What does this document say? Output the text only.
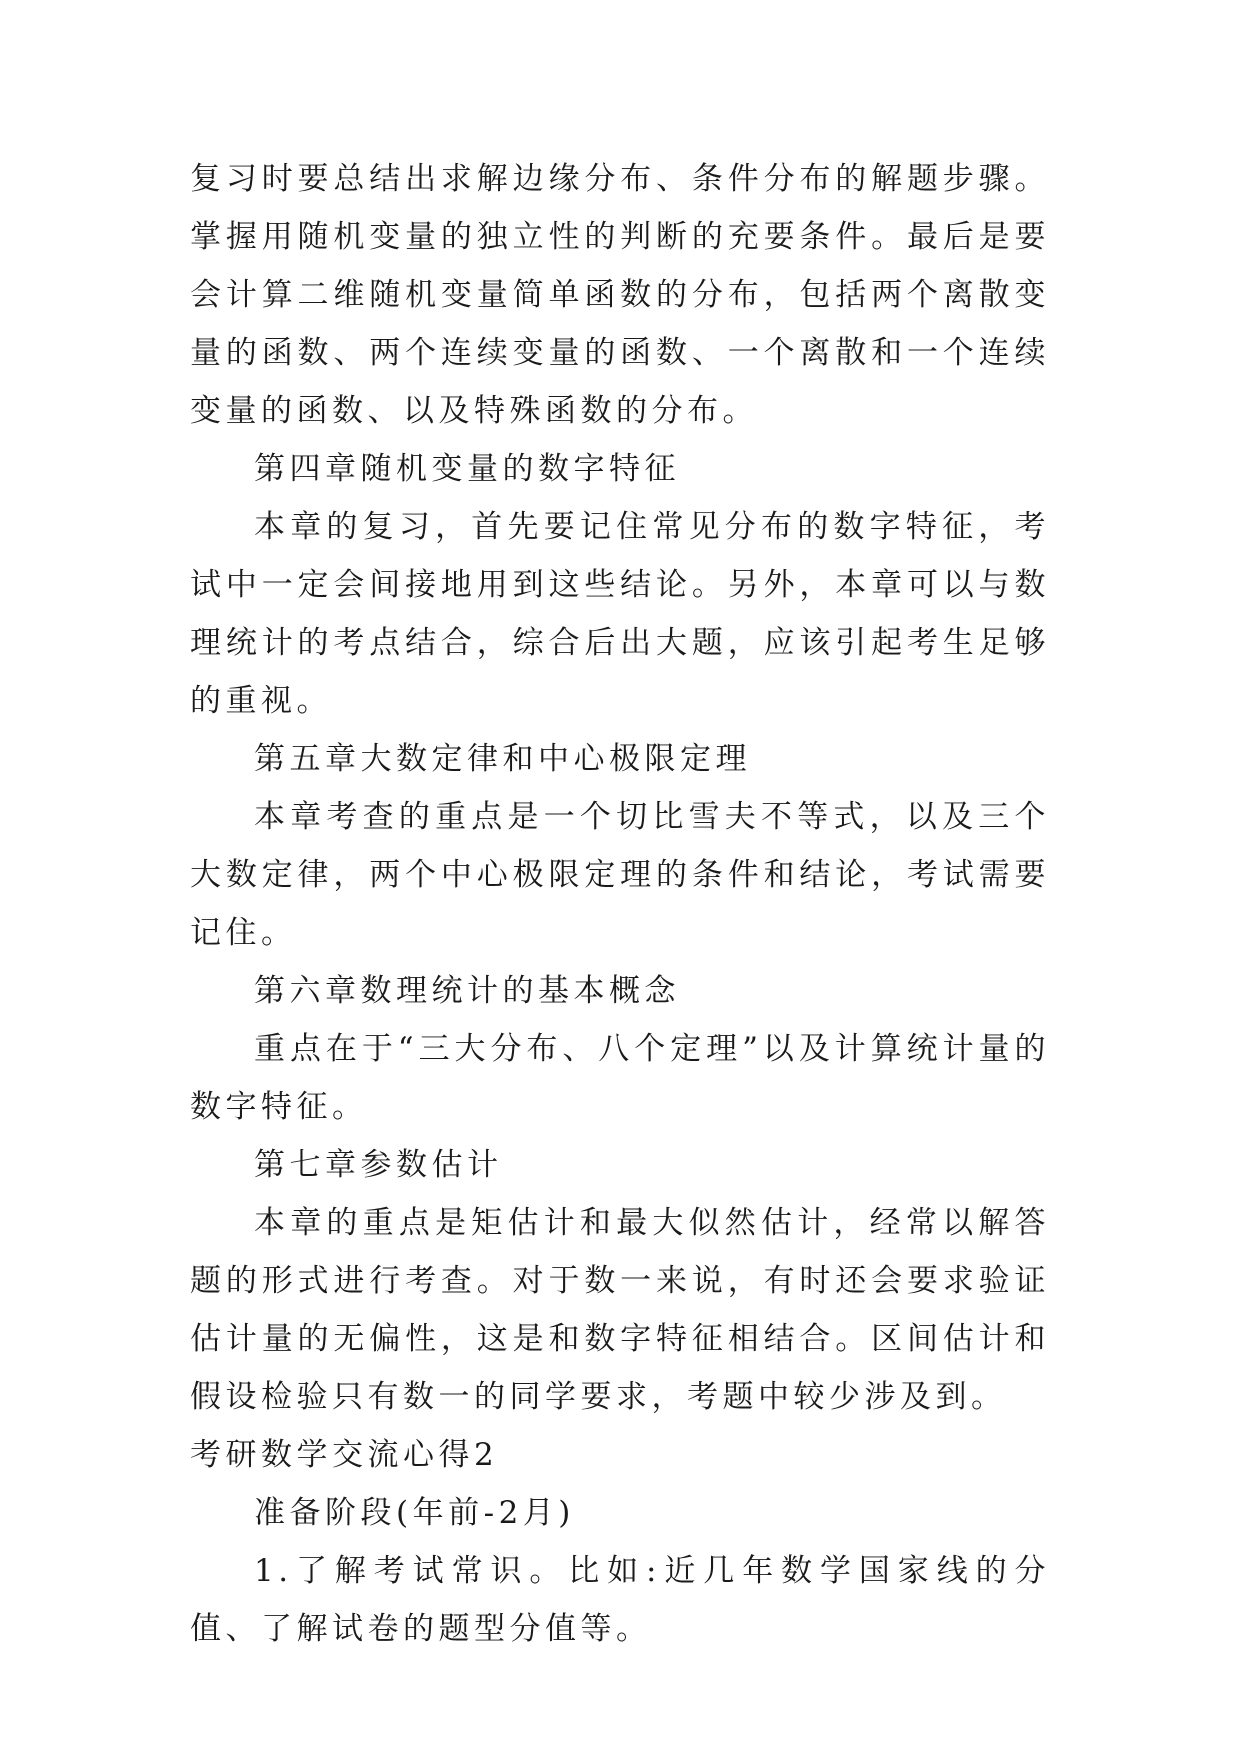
复习时要总结出求解边缘分布、条件分布的解题步骤。掌握用随机变量的独立性的判断的充要条件。最后是要会计算二维随机变量简单函数的分布，包括两个离散变量的函数、两个连续变量的函数、一个离散和一个连续变量的函数、以及特殊函数的分布。

第四章随机变量的数字特征

本章的复习，首先要记住常见分布的数字特征，考试中一定会间接地用到这些结论。另外，本章可以与数理统计的考点结合，综合后出大题，应该引起考生足够的重视。

第五章大数定律和中心极限定理

本章考查的重点是一个切比雪夫不等式，以及三个大数定律，两个中心极限定理的条件和结论，考试需要记住。

第六章数理统计的基本概念

重点在于“三大分布、八个定理”以及计算统计量的数字特征。

第七章参数估计

本章的重点是矩估计和最大似然估计，经常以解答题的形式进行考查。对于数一来说，有时还会要求验证估计量的无偏性，这是和数字特征相结合。区间估计和假设检验只有数一的同学要求，考题中较少涉及到。

考研数学交流心得2

准备阶段(年前-2月)

1.了解考试常识。比如:近几年数学国家线的分值、了解试卷的题型分值等。
